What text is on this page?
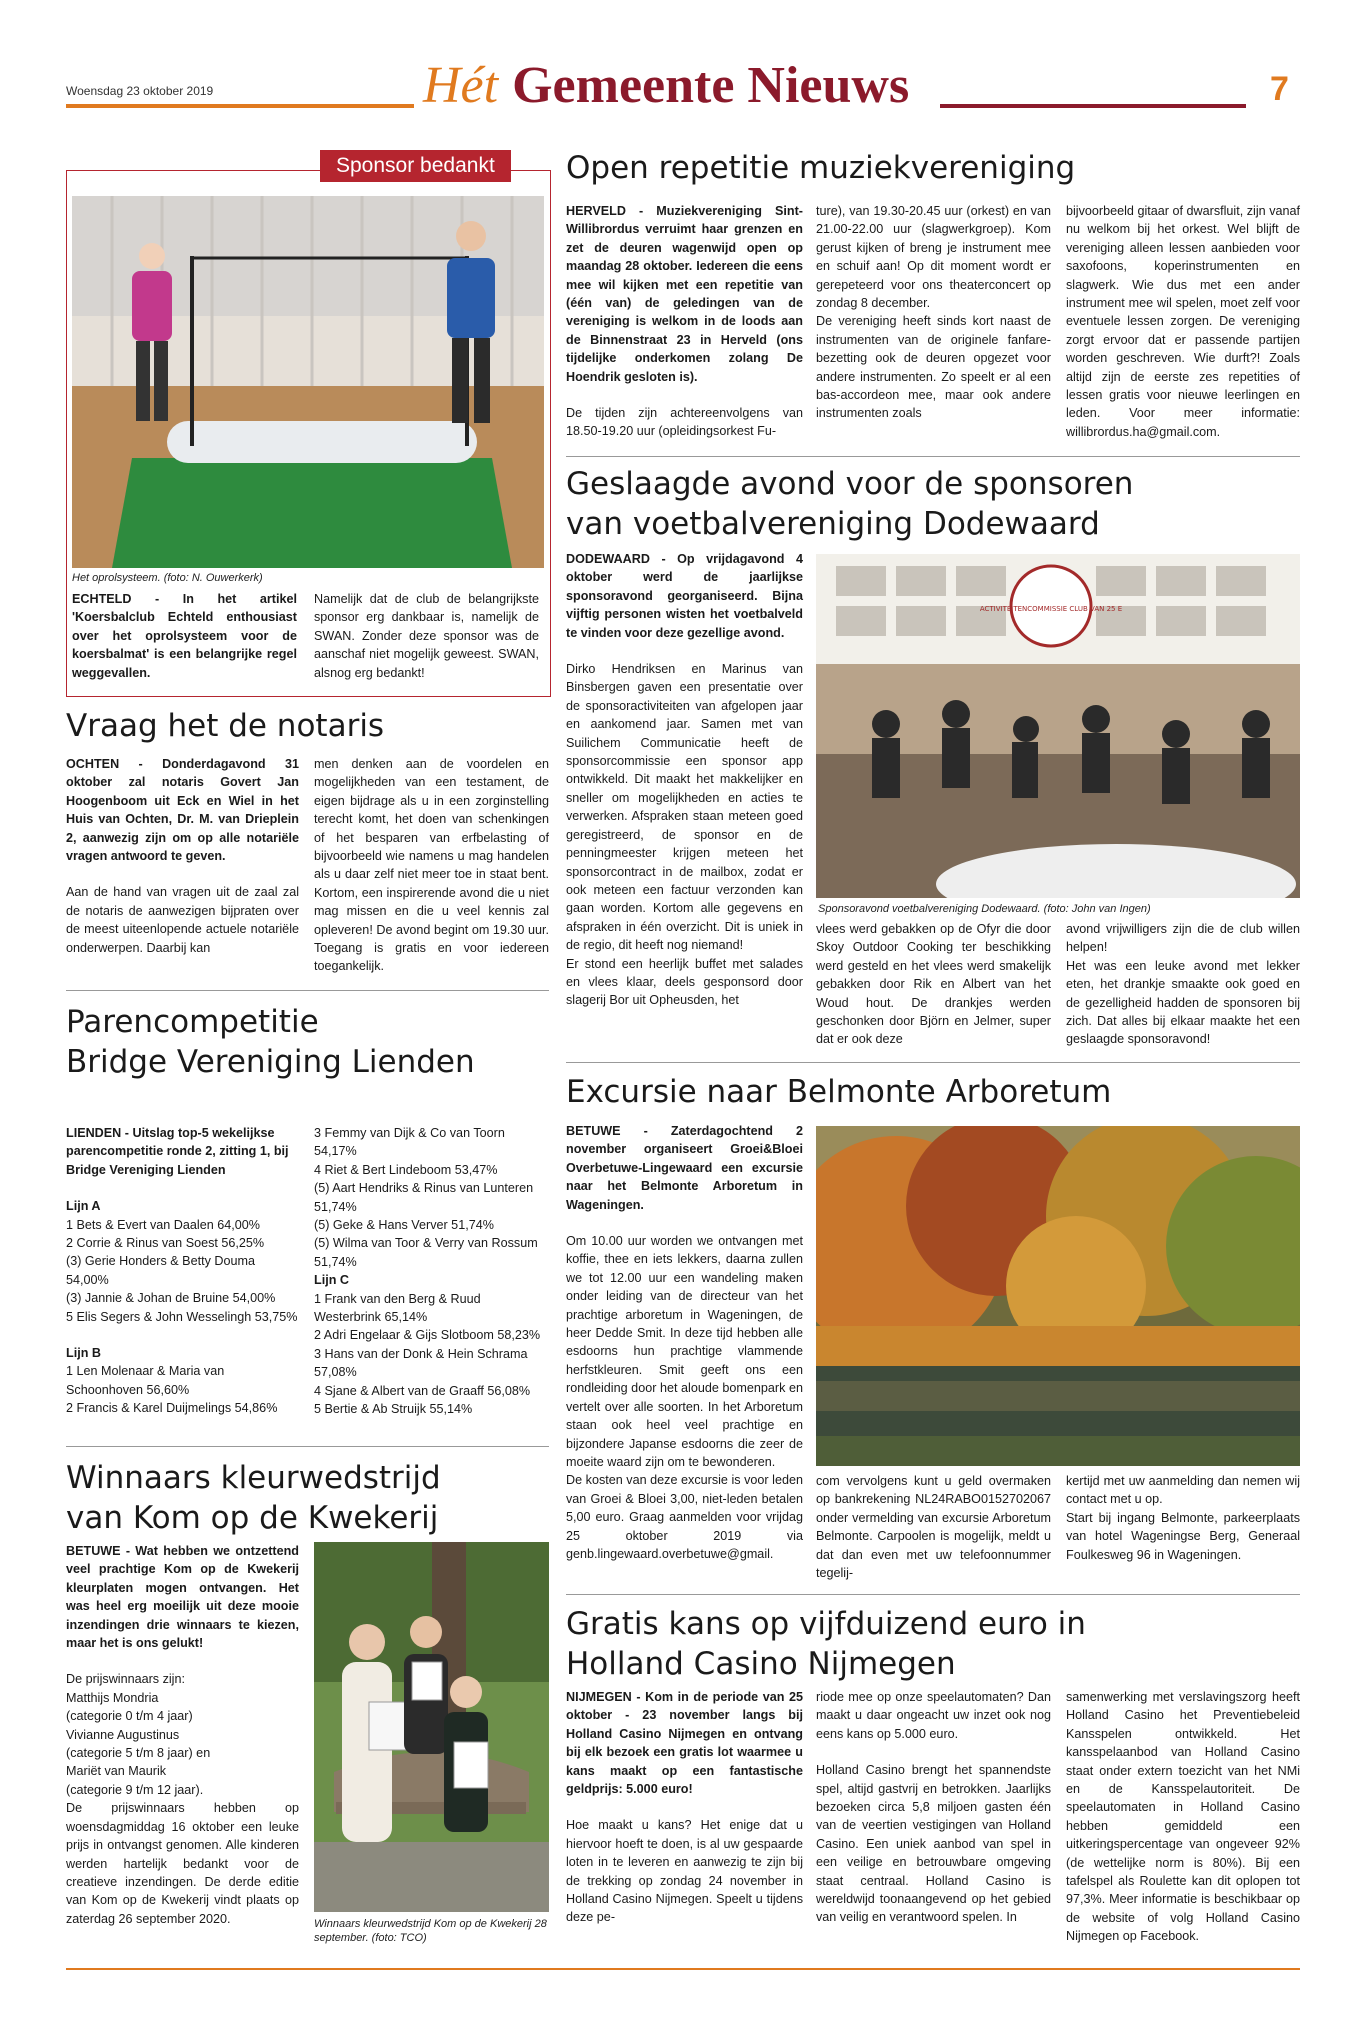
Woensdag 23 oktober 2019	Hét Gemeente Nieuws	7
Sponsor bedankt
Het oprolsysteem. (foto: N. Ouwerkerk)
ECHTELD - In het artikel 'Koersbalclub Echteld enthousiast over het oprolsysteem voor de koersbalmat' is een belangrijke regel weggevallen.
Namelijk dat de club de belangrijkste sponsor erg dankbaar is, namelijk de SWAN. Zonder deze sponsor was de aanschaf niet mogelijk geweest. SWAN, alsnog erg bedankt!
Vraag het de notaris

OCHTEN - Donderdagavond 31 oktober zal notaris Govert Jan Hoogenboom uit Eck en Wiel in het Huis van Ochten, Dr. M. van Drieplein 2, aanwezig zijn om op alle notariële vragen antwoord te geven.

Aan de hand van vragen uit de zaal zal de notaris de aanwezigen bijpraten over de meest uiteenlopende actuele notariële onderwerpen. Daarbij kan

men denken aan de voordelen en mogelijkheden van een testament, de eigen bijdrage als u in een zorginstelling terecht komt, het doen van schenkingen of het besparen van erfbelasting of bijvoorbeeld wie namens u mag handelen als u daar zelf niet meer toe in staat bent. Kortom, een inspirerende avond die u niet mag missen en die u veel kennis zal opleveren! De avond begint om 19.30 uur. Toegang is gratis en voor iedereen toegankelijk.
Parencompetitie
Bridge Vereniging Lienden

LIENDEN - Uitslag top-5 wekelijkse parencompetitie ronde 2, zitting 1, bij Bridge Vereniging Lienden

Lijn A
1 Bets & Evert van Daalen 64,00%
2 Corrie & Rinus van Soest 56,25%
(3) Gerie Honders & Betty Douma 54,00%
(3) Jannie & Johan de Bruine 54,00%
5 Elis Segers & John Wesselingh 53,75%
Lijn B
1 Len Molenaar & Maria van Schoonhoven 56,60%
2 Francis & Karel Duijmelings 54,86%
3 Femmy van Dijk & Co van Toorn 54,17%
4 Riet & Bert Lindeboom 53,47%
(5) Aart Hendriks & Rinus van Lunteren 51,74%
(5) Geke & Hans Verver 51,74%
(5) Wilma van Toor & Verry van Rossum 51,74%
Lijn C
1 Frank van den Berg & Ruud Westerbrink 65,14%
2 Adri Engelaar & Gijs Slotboom 58,23%
3 Hans van der Donk & Hein Schrama 57,08%
4 Sjane & Albert van de Graaff 56,08%
5 Bertie & Ab Struijk 55,14%
Winnaars kleurwedstrijd
van Kom op de Kwekerij

BETUWE - Wat hebben we ontzettend veel prachtige Kom op de Kwekerij kleurplaten mogen ontvangen. Het was heel erg moeilijk uit deze mooie inzendingen drie winnaars te kiezen, maar het is ons gelukt!

De prijswinnaars zijn:
Matthijs Mondria
(categorie 0 t/m 4 jaar)
Vivianne Augustinus
(categorie 5 t/m 8 jaar) en
Mariët van Maurik
(categorie 9 t/m 12 jaar).
De prijswinnaars hebben op woensdagmiddag 16 oktober een leuke prijs in ontvangst genomen. Alle kinderen werden hartelijk bedankt voor de creatieve inzendingen. De derde editie van Kom op de Kwekerij vindt plaats op zaterdag 26 september 2020.	Winnaars kleurwedstrijd Kom op de Kwekerij 28 september. (foto: TCO)
Open repetitie muziekvereniging

HERVELD - Muziekvereniging Sint-Willibrordus verruimt haar grenzen en zet de deuren wagenwijd open op maandag 28 oktober. Iedereen die eens mee wil kijken met een repetitie van (één van) de geledingen van de vereniging is welkom in de loods aan de Binnenstraat 23 in Herveld (ons tijdelijke onderkomen zolang De Hoendrik gesloten is).

De tijden zijn achtereenvolgens van 18.50-19.20 uur (opleidingsorkest Fu-

ture), van 19.30-20.45 uur (orkest) en van 21.00-22.00 uur (slagwerkgroep). Kom gerust kijken of breng je instrument mee en schuif aan! Op dit moment wordt er gerepeteerd voor ons theaterconcert op zondag 8 december.
De vereniging heeft sinds kort naast de instrumenten van de originele fanfare-bezetting ook de deuren opgezet voor andere instrumenten. Zo speelt er al een bas-accordeon mee, maar ook andere instrumenten zoals
bijvoorbeeld gitaar of dwarsfluit, zijn vanaf nu welkom bij het orkest. Wel blijft de vereniging alleen lessen aanbieden voor saxofoons, koperinstrumenten en slagwerk. Wie dus met een ander instrument mee wil spelen, moet zelf voor eventuele lessen zorgen. De vereniging zorgt ervoor dat er passende partijen worden geschreven. Wie durft?! Zoals altijd zijn de eerste zes repetities of lessen gratis voor nieuwe leerlingen en leden. Voor meer informatie: willibrordus.ha@gmail.com.
Geslaagde avond voor de sponsoren
van voetbalvereniging Dodewaard

DODEWAARD - Op vrijdagavond 4 oktober werd de jaarlijkse sponsoravond georganiseerd. Bijna vijftig personen wisten het voetbalveld te vinden voor deze gezellige avond.

Dirko Hendriksen en Marinus van Binsbergen gaven een presentatie over de sponsoractiviteiten van afgelopen jaar en aankomend jaar. Samen met van Suilichem Communicatie heeft de sponsorcommissie een sponsor app ontwikkeld. Dit maakt het makkelijker en sneller om mogelijkheden en acties te verwerken. Afspraken staan meteen goed geregistreerd, de sponsor en de penningmeester krijgen meteen het sponsorcontract in de mailbox, zodat er ook meteen een factuur verzonden kan gaan worden. Kortom alle gegevens en afspraken in één overzicht. Dit is uniek in de regio, dit heeft nog niemand!
Er stond een heerlijk buffet met salades en vlees klaar, deels gesponsord door slagerij Bor uit Opheusden, het
ACTIVITEITENCOMMISSIE CLUB VAN 25 E
Sponsoravond voetbalvereniging Dodewaard. (foto: John van Ingen)
vlees werd gebakken op de Ofyr die door Skoy Outdoor Cooking ter beschikking werd gesteld en het vlees werd smakelijk gebakken door Rik en Albert van het Woud hout. De drankjes werden geschonken door Björn en Jelmer, super dat er ook deze
avond vrijwilligers zijn die de club willen helpen!
Het was een leuke avond met lekker eten, het drankje smaakte ook goed en de gezelligheid hadden de sponsoren bij zich. Dat alles bij elkaar maakte het een geslaagde sponsoravond!
Excursie naar Belmonte Arboretum

BETUWE - Zaterdagochtend 2 november organiseert Groei&Bloei Overbetuwe-Lingewaard een excursie naar het Belmonte Arboretum in Wageningen.

Om 10.00 uur worden we ontvangen met koffie, thee en iets lekkers, daarna zullen we tot 12.00 uur een wandeling maken onder leiding van de directeur van het prachtige arboretum in Wageningen, de heer Dedde Smit. In deze tijd hebben alle esdoorns hun prachtige vlammende herfstkleuren. Smit geeft ons een rondleiding door het aloude bomenpark en vertelt over alle soorten. In het Arboretum staan ook heel veel prachtige en bijzondere Japanse esdoorns die zeer de moeite waard zijn om te bewonderen.
De kosten van deze excursie is voor leden van Groei & Bloei 3,00, niet-leden betalen 5,00 euro. Graag aanmelden voor vrijdag 25 oktober 2019 via genb.lingewaard.overbetuwe@gmail.
com vervolgens kunt u geld overmaken op bankrekening NL24RABO0152702067 onder vermelding van excursie Arboretum Belmonte. Carpoolen is mogelijk, meldt u dat dan even met uw telefoonnummer tegelij-
kertijd met uw aanmelding dan nemen wij contact met u op.
Start bij ingang Belmonte, parkeerplaats van hotel Wageningse Berg, Generaal Foulkesweg 96 in Wageningen.
Gratis kans op vijfduizend euro in
Holland Casino Nijmegen

NIJMEGEN - Kom in de periode van 25 oktober - 23 november langs bij Holland Casino Nijmegen en ontvang bij elk bezoek een gratis lot waarmee u kans maakt op een fantastische geldprijs: 5.000 euro!

Hoe maakt u kans? Het enige dat u hiervoor hoeft te doen, is al uw gespaarde loten in te leveren en aanwezig te zijn bij de trekking op zondag 24 november in Holland Casino Nijmegen. Speelt u tijdens deze pe-

riode mee op onze speelautomaten? Dan maakt u daar ongeacht uw inzet ook nog eens kans op 5.000 euro.

Holland Casino brengt het spannendste spel, altijd gastvrij en betrokken. Jaarlijks bezoeken circa 5,8 miljoen gasten één van de veertien vestigingen van Holland Casino. Een uniek aanbod van spel in een veilige en betrouwbare omgeving staat centraal. Holland Casino is wereldwijd toonaangevend op het gebied van veilig en verantwoord spelen. In
samenwerking met verslavingszorg heeft Holland Casino het Preventiebeleid Kansspelen ontwikkeld. Het kansspelaanbod van Holland Casino staat onder extern toezicht van het NMi en de Kansspelautoriteit. De speelautomaten in Holland Casino hebben gemiddeld een uitkeringspercentage van ongeveer 92% (de wettelijke norm is 80%). Bij een tafelspel als Roulette kan dit oplopen tot 97,3%. Meer informatie is beschikbaar op de website of volg Holland Casino Nijmegen op Facebook.
